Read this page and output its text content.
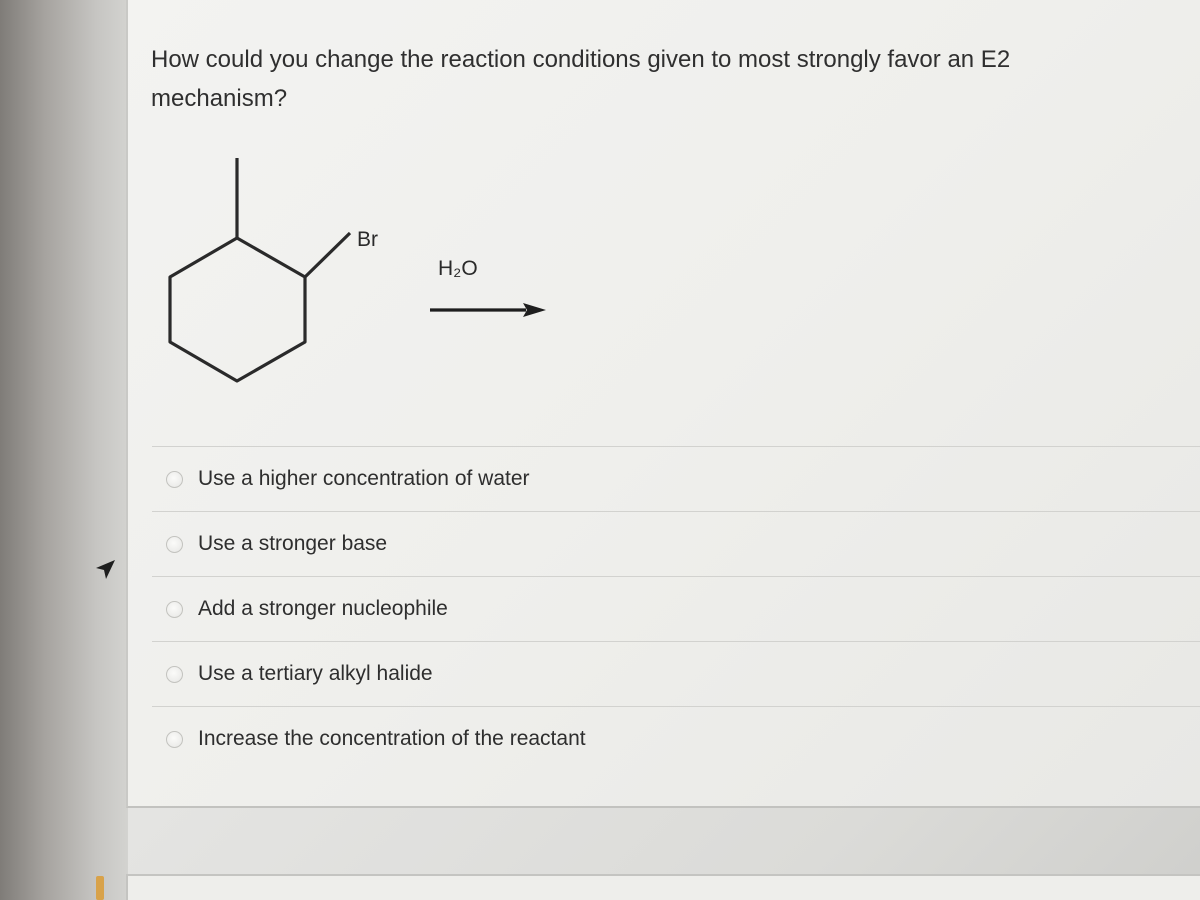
How could you change the reaction conditions given to most strongly favor an E2 mechanism?
Br
H₂O
Use a higher concentration of water
Use a stronger base
Add a stronger nucleophile
Use a tertiary alkyl halide
Increase the concentration of the reactant
